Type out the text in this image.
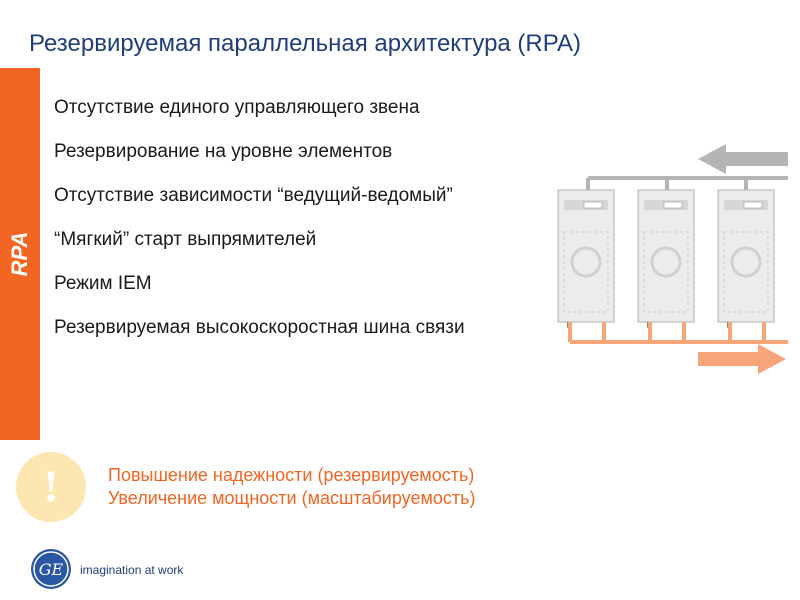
Резервируемая параллельная архитектура (RPA)
RPA
Отсутствие единого управляющего звена
Резервирование на уровне элементов
Отсутствие зависимости “ведущий-ведомый”
“Мягкий” старт выпрямителей
Режим IEM
Резервируемая высокоскоростная шина связи
!	Повышение надежности (резервируемость)
Увеличение мощности (масштабируемость)
GE imagination at work
